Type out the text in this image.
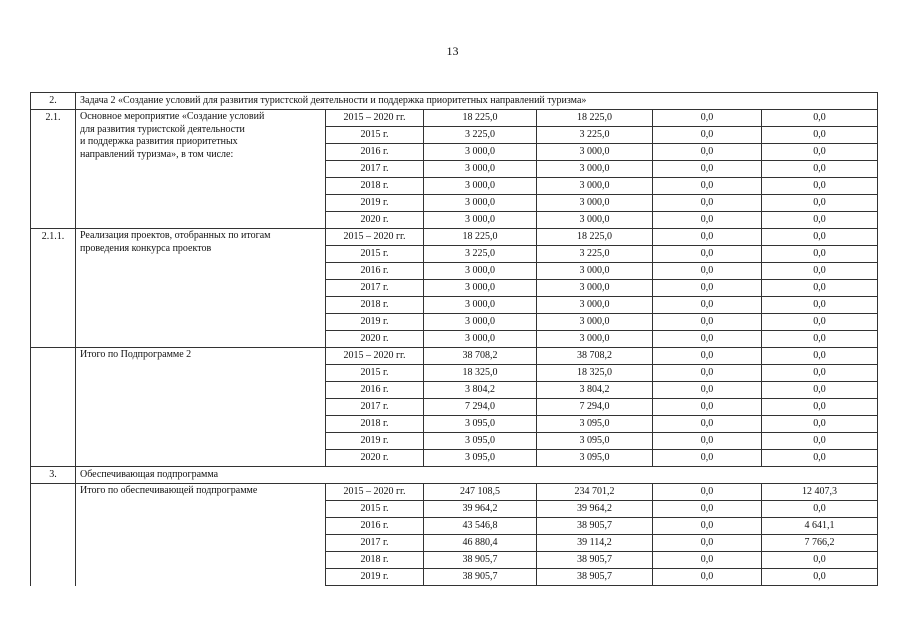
13
2.	Задача 2 «Создание условий для развития туристской деятельности и поддержка приоритетных направлений туризма»					
2.1.	Основное мероприятие «Создание условий
для развития туристской деятельности
и поддержка развития приоритетных
направлений туризма», в том числе:	2015 – 2020 гг.	18 225,0	18 225,0	0,0	0,0
		2015 г.	3 225,0	3 225,0	0,0	0,0
		2016 г.	3 000,0	3 000,0	0,0	0,0
		2017 г.	3 000,0	3 000,0	0,0	0,0
		2018 г.	3 000,0	3 000,0	0,0	0,0
		2019 г.	3 000,0	3 000,0	0,0	0,0
		2020 г.	3 000,0	3 000,0	0,0	0,0
2.1.1.	Реализация проектов, отобранных по итогам
проведения конкурса проектов	2015 – 2020 гг.	18 225,0	18 225,0	0,0	0,0
		2015 г.	3 225,0	3 225,0	0,0	0,0
		2016 г.	3 000,0	3 000,0	0,0	0,0
		2017 г.	3 000,0	3 000,0	0,0	0,0
		2018 г.	3 000,0	3 000,0	0,0	0,0
		2019 г.	3 000,0	3 000,0	0,0	0,0
		2020 г.	3 000,0	3 000,0	0,0	0,0
	Итого по Подпрограмме 2	2015 – 2020 гг.	38 708,2	38 708,2	0,0	0,0
		2015 г.	18 325,0	18 325,0	0,0	0,0
		2016 г.	3 804,2	3 804,2	0,0	0,0
		2017 г.	7 294,0	7 294,0	0,0	0,0
		2018 г.	3 095,0	3 095,0	0,0	0,0
		2019 г.	3 095,0	3 095,0	0,0	0,0
		2020 г.	3 095,0	3 095,0	0,0	0,0
3.	Обеспечивающая подпрограмма					
	Итого по обеспечивающей подпрограмме	2015 – 2020 гг.	247 108,5	234 701,2	0,0	12 407,3
		2015 г.	39 964,2	39 964,2	0,0	0,0
		2016 г.	43 546,8	38 905,7	0,0	4 641,1
		2017 г.	46 880,4	39 114,2	0,0	7 766,2
		2018 г.	38 905,7	38 905,7	0,0	0,0
		2019 г.	38 905,7	38 905,7	0,0	0,0
